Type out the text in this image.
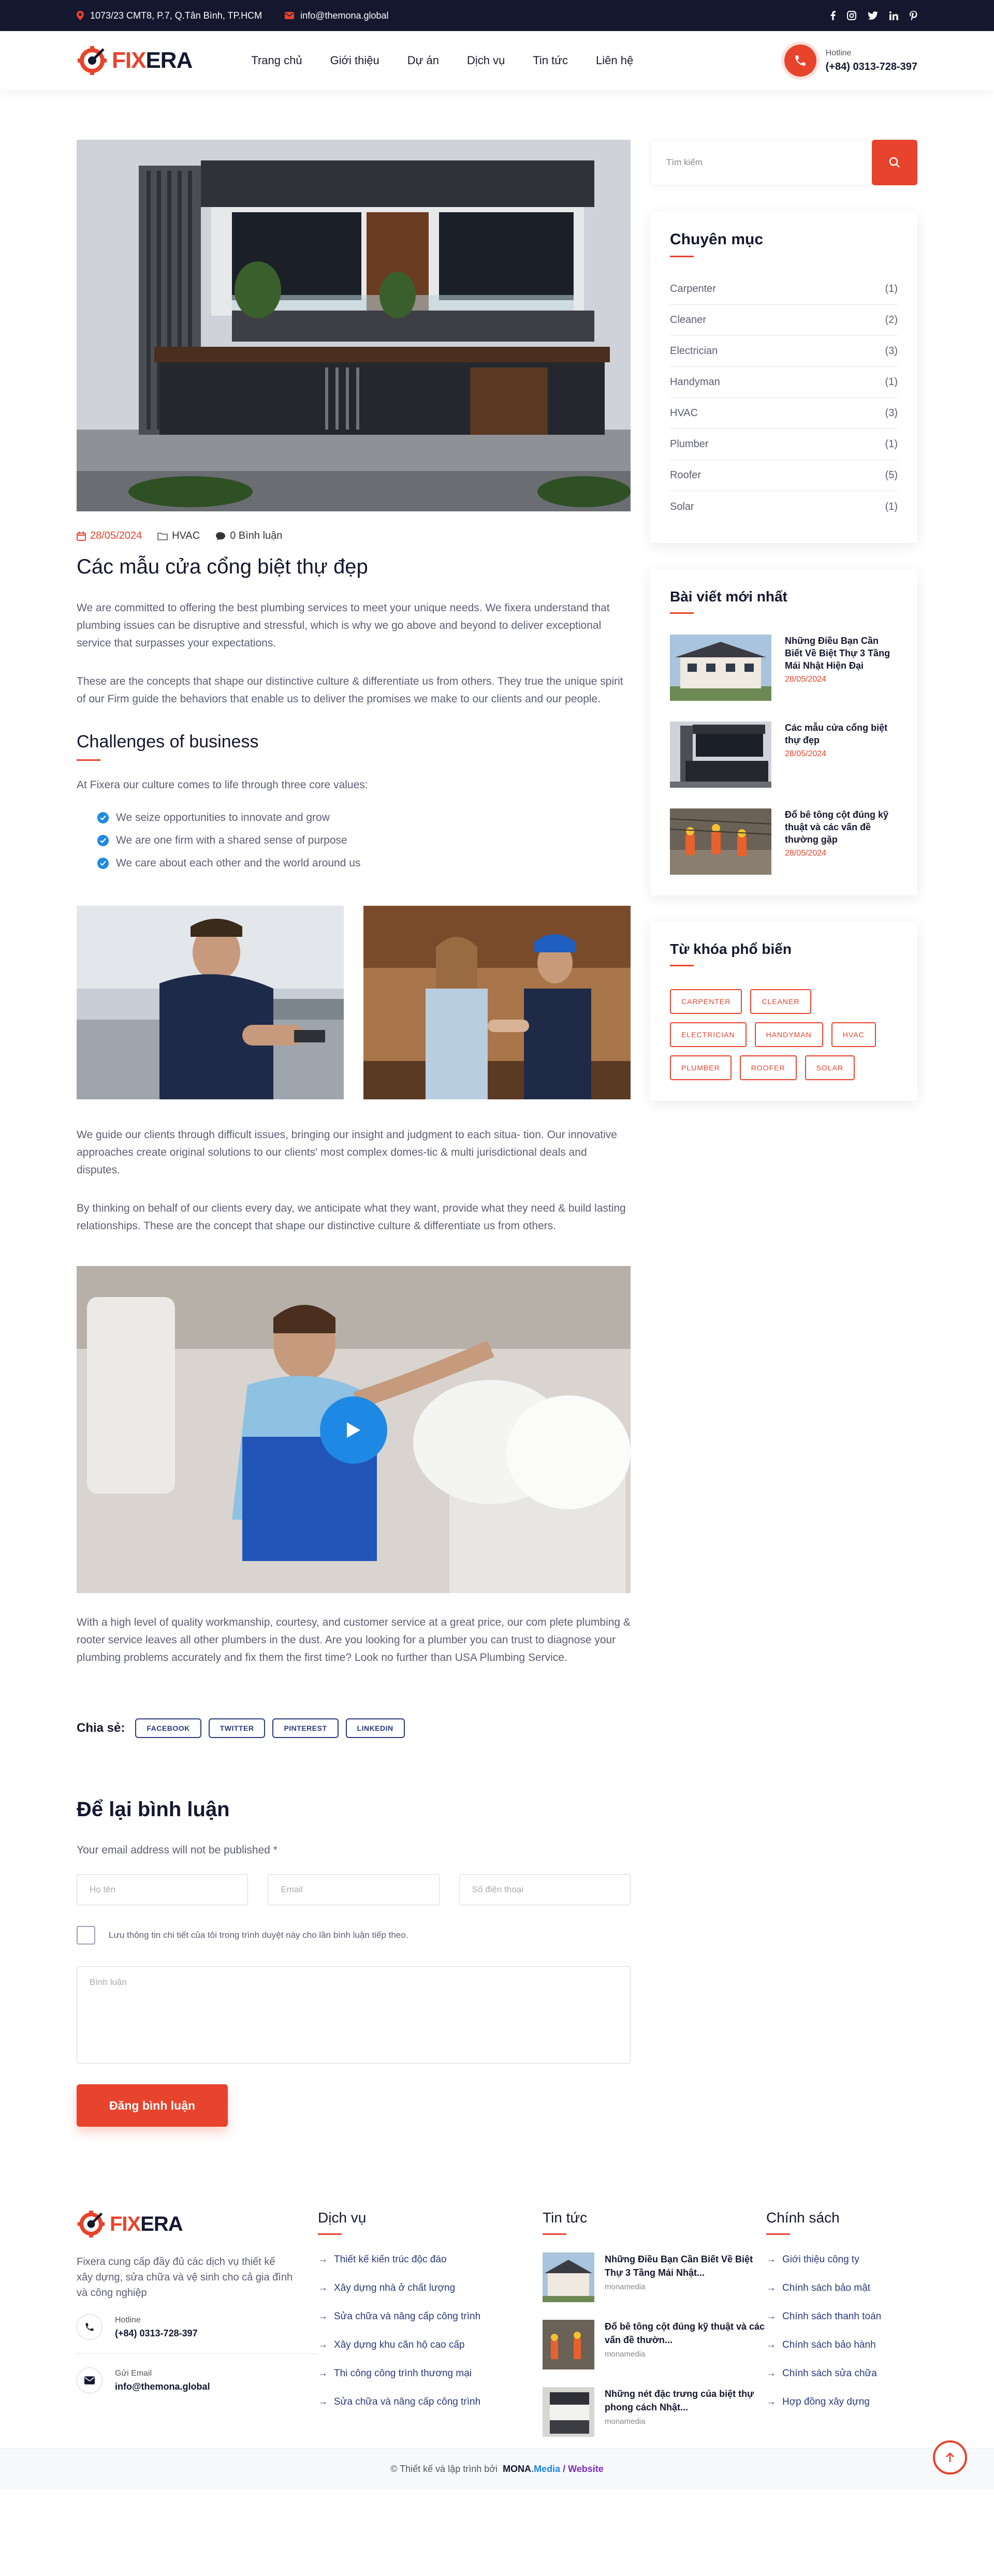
1073/23 CMT8, P.7, Q.Tân Bình, TP.HCM	info@themona.global
FIXERA	Trang chủ Giới thiệu Dự án Dịch vụ Tin tức Liên hệ
Hotline
(+84) 0313-728-397
28/05/2024	HVAC	0 Bình luận
Các mẫu cửa cổng biệt thự đẹp

We are committed to offering the best plumbing services to meet your unique needs. We fixera understand that plumbing issues can be disruptive and stressful, which is why we go above and beyond to deliver exceptional service that surpasses your expectations.

These are the concepts that shape our distinctive culture & differentiate us from others. They true the unique spirit of our Firm guide the behaviors that enable us to deliver the promises we make to our clients and our people.

Challenges of business

At Fixera our culture comes to life through three core values:

We seize opportunities to innovate and grow
We are one firm with a shared sense of purpose
We care about each other and the world around us

We guide our clients through difficult issues, bringing our insight and judgment to each situa- tion. Our innovative approaches create original solutions to our clients' most complex domes-tic & multi jurisdictional deals and disputes.

By thinking on behalf of our clients every day, we anticipate what they want, provide what they need & build lasting relationships. These are the concept that shape our distinctive culture & differentiate us from others.

With a high level of quality workmanship, courtesy, and customer service at a great price, our com plete plumbing & rooter service leaves all other plumbers in the dust. Are you looking for a plumber you can trust to diagnose your plumbing problems accurately and fix them the first time? Look no further than USA Plumbing Service.

Chia sẻ:	FACEBOOK	TWITTER	PINTEREST	LINKEDIN
Để lại bình luận

Your email address will not be published *

Họ tên	Email	Số điện thoại
Lưu thông tin chi tiết của tôi trong trình duyệt này cho lần bình luận tiếp theo.
Bình luận
Đăng bình luận
Tìm kiếm
Chuyên mục
Carpenter	(1)
Cleaner	(2)
Electrician	(3)
Handyman	(1)
HVAC	(3)
Plumber	(1)
Roofer	(5)
Solar	(1)
Bài viết mới nhất
Những Điều Bạn Cần Biết Về Biệt Thự 3 Tầng Mái Nhật Hiện Đại
28/05/2024
Các mẫu cửa cổng biệt thự đẹp
28/05/2024
Đổ bê tông cột đúng kỹ thuật và các vấn đề thường gặp
28/05/2024
Từ khóa phổ biến
CARPENTER	CLEANER
ELECTRICIAN	HANDYMAN	HVAC
PLUMBER	ROOFER	SOLAR
FIXERA

Fixera cung cấp đầy đủ các dịch vụ thiết kế xây dựng, sửa chữa và vệ sinh cho cả gia đình và công nghiệp

Hotline
(+84) 0313-728-397
Gửi Email
info@themona.global
Dịch vụ
→ Thiết kế kiến trúc độc đáo
→ Xây dựng nhà ở chất lượng
→ Sửa chữa và nâng cấp công trình
→ Xây dựng khu căn hộ cao cấp
→ Thi công công trình thương mại
→ Sửa chữa và nâng cấp công trình
Tin tức
Những Điều Bạn Cần Biết Về Biệt Thự 3 Tầng Mái Nhật...
monamedia
Đổ bê tông cột đúng kỹ thuật và các vấn đề thườn...
monamedia
Những nét đặc trưng của biệt thự phong cách Nhật...
monamedia
Chính sách
→ Giới thiệu công ty
→ Chính sách bảo mật
→ Chính sách thanh toán
→ Chính sách bảo hành
→ Chính sách sửa chữa
→ Hợp đồng xây dựng
© Thiết kế và lập trình bởi MONA.Media / Website
